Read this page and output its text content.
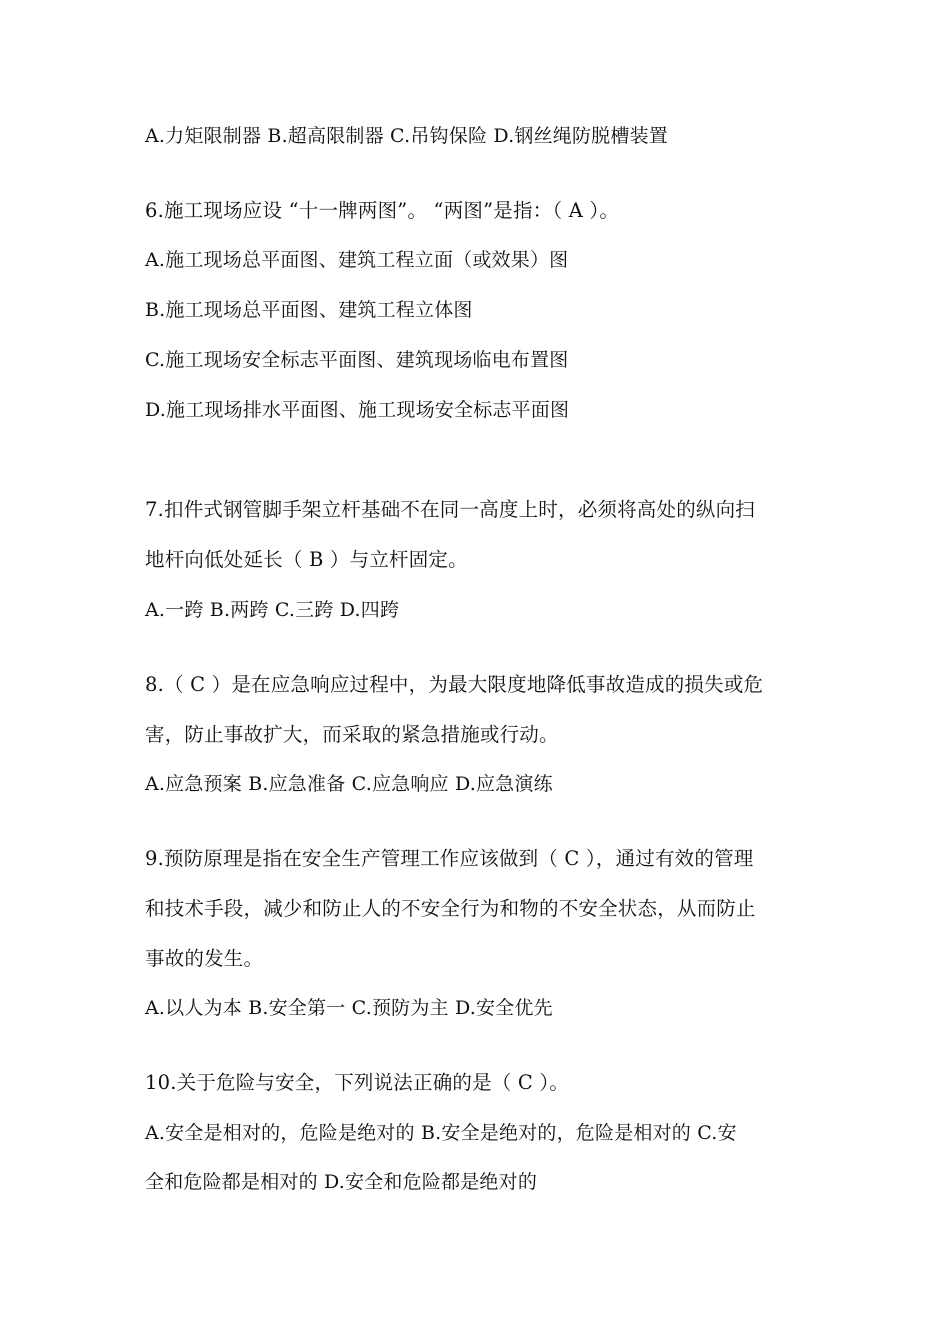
A.力矩限制器 B.超高限制器 C.吊钩保险 D.钢丝绳防脱槽装置
6.施工现场应设 “十一牌两图”。 “两图”是指：（ A ）。
A.施工现场总平面图、建筑工程立面（或效果）图
B.施工现场总平面图、建筑工程立体图
C.施工现场安全标志平面图、建筑现场临电布置图
D.施工现场排水平面图、施工现场安全标志平面图
7.扣件式钢管脚手架立杆基础不在同一高度上时，必须将高处的纵向扫
地杆向低处延长（ B ）与立杆固定。
A.一跨 B.两跨 C.三跨 D.四跨
8.（ C ）是在应急响应过程中，为最大限度地降低事故造成的损失或危
害，防止事故扩大，而采取的紧急措施或行动。
A.应急预案 B.应急准备 C.应急响应 D.应急演练
9.预防原理是指在安全生产管理工作应该做到（ C ），通过有效的管理
和技术手段，减少和防止人的不安全行为和物的不安全状态，从而防止
事故的发生。
A.以人为本 B.安全第一 C.预防为主 D.安全优先
10.关于危险与安全，下列说法正确的是（ C ）。
A.安全是相对的，危险是绝对的 B.安全是绝对的，危险是相对的 C.安
全和危险都是相对的 D.安全和危险都是绝对的
